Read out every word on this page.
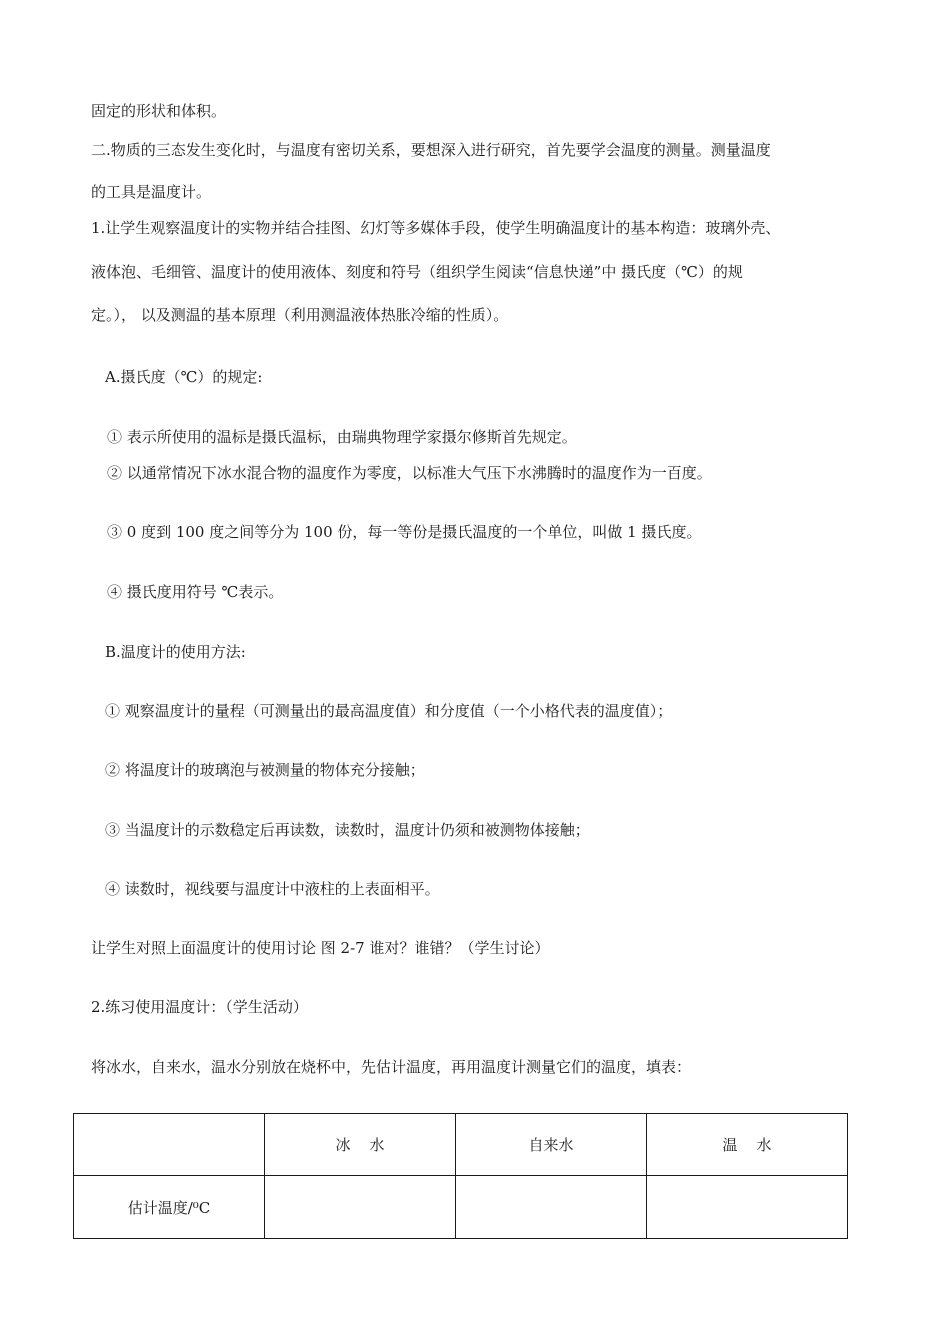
固定的形状和体积。
二.物质的三态发生变化时，与温度有密切关系，要想深入进行研究，首先要学会温度的测量。测量温度
的工具是温度计。
1.让学生观察温度计的实物并结合挂图、幻灯等多媒体手段，使学生明确温度计的基本构造：玻璃外壳、
液体泡、毛细管、温度计的使用液体、刻度和符号（组织学生阅读“信息快递”中 摄氏度（℃）的规
定。）， 以及测温的基本原理（利用测温液体热胀冷缩的性质）。
A.摄氏度（℃）的规定:
① 表示所使用的温标是摄氏温标，由瑞典物理学家摄尔修斯首先规定。
② 以通常情况下冰水混合物的温度作为零度，以标准大气压下水沸腾时的温度作为一百度。
③ 0 度到 100 度之间等分为 100 份，每一等份是摄氏温度的一个单位，叫做 1 摄氏度。
④ 摄氏度用符号 ℃表示。
B.温度计的使用方法:
① 观察温度计的量程（可测量出的最高温度值）和分度值（一个小格代表的温度值）；
② 将温度计的玻璃泡与被测量的物体充分接触；
③ 当温度计的示数稳定后再读数，读数时，温度计仍须和被测物体接触；
④ 读数时，视线要与温度计中液柱的上表面相平。
让学生对照上面温度计的使用讨论 图 2-7 谁对？谁错？（学生讨论）
2.练习使用温度计：（学生活动）
将冰水，自来水，温水分别放在烧杯中，先估计温度，再用温度计测量它们的温度，填表：
	冰    水	自来水	温    水
估计温度/⁰C			
